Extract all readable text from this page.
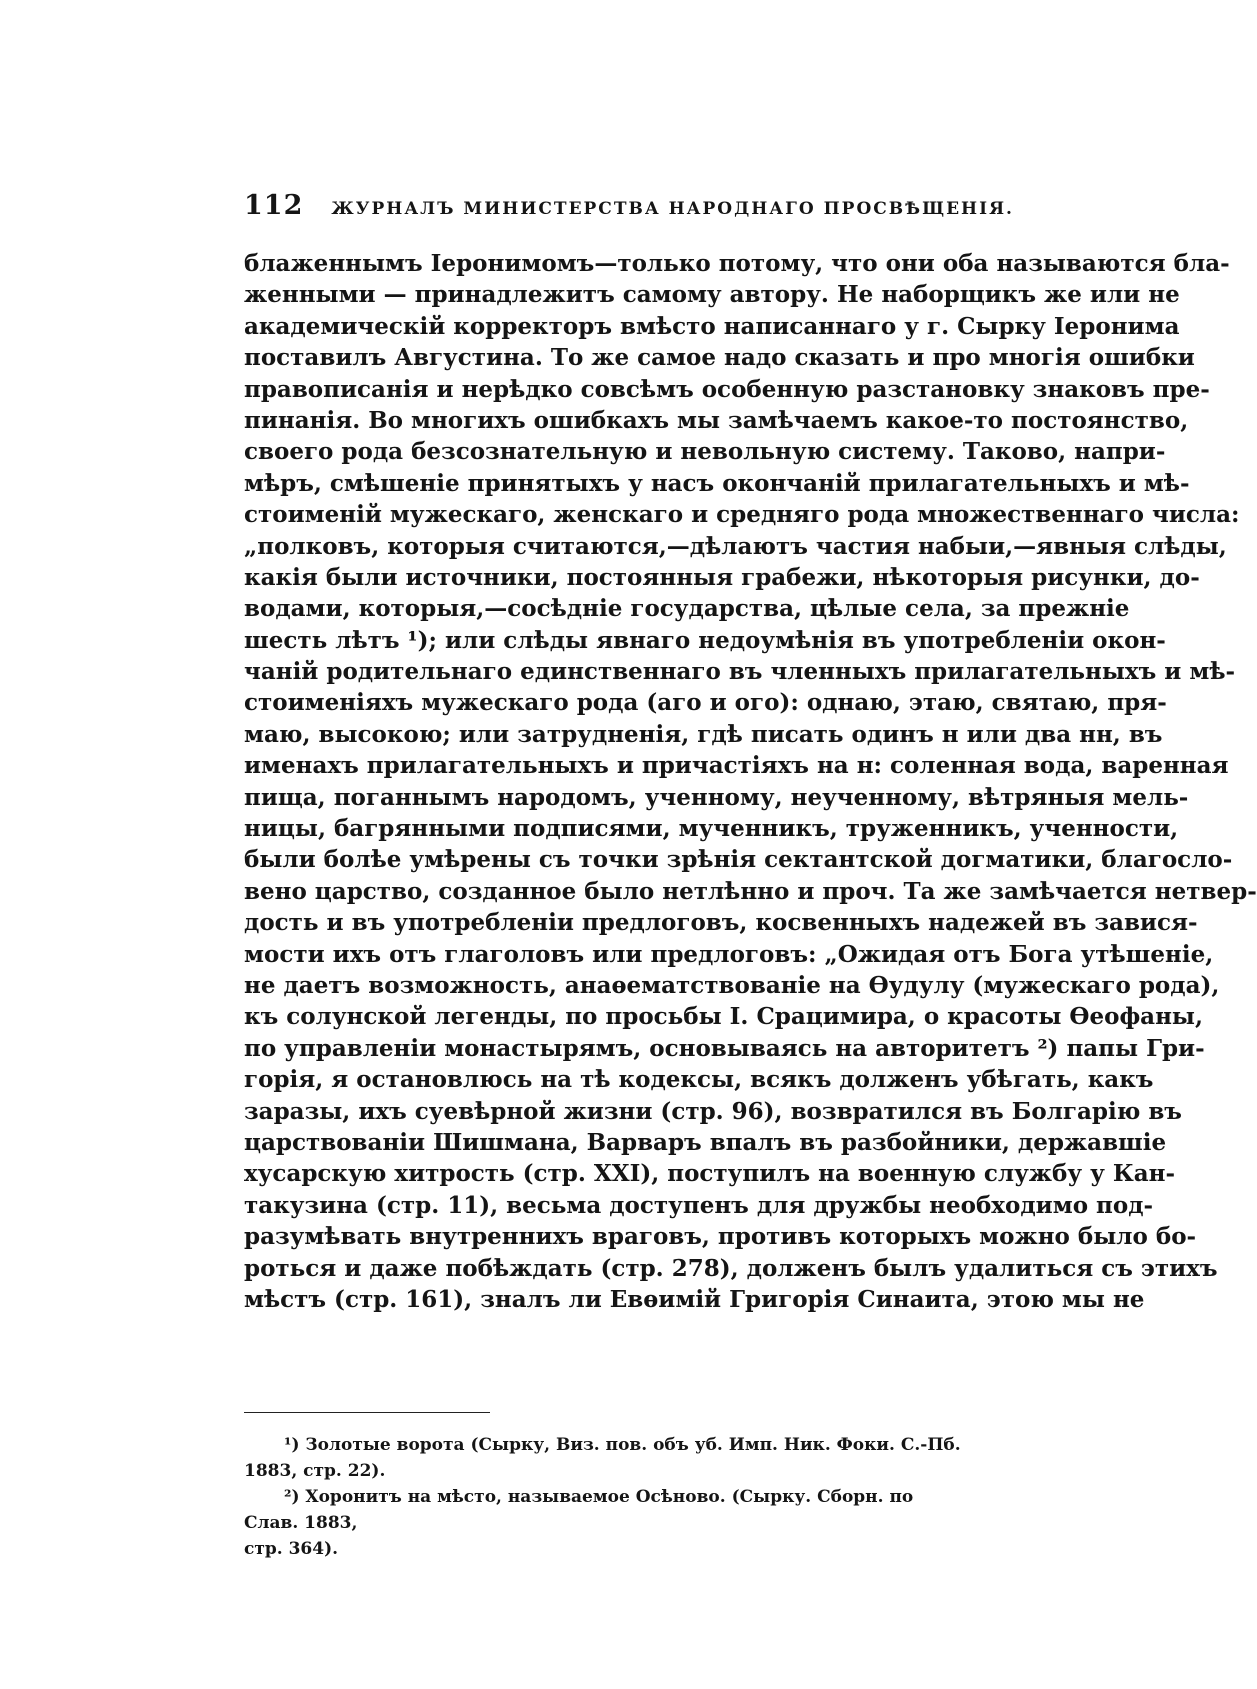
112 ЖУРНАЛЪ МИНИСТЕРСТВА НАРОДНАГО ПРОСВѢЩЕНІЯ.
блаженнымъ Іеронимомъ—только потому, что они оба называются бла-
женными — принадлежитъ самому автору. Не наборщикъ же или не
академическій корректоръ вмѣсто написаннаго у г. Сырку Іеронима
поставилъ Августина. То же самое надо сказать и про многія ошибки
правописанія и нерѣдко совсѣмъ особенную разстановку знаковъ пре-
пинанія. Во многихъ ошибкахъ мы замѣчаемъ какое-то постоянство,
своего рода безсознательную и невольную систему. Таково, напри-
мѣръ, смѣшеніе принятыхъ у насъ окончаній прилагательныхъ и мѣ-
стоименій мужескаго, женскаго и средняго рода множественнаго числа:
„полковъ, которыя считаются,—дѣлаютъ частия набыи,—явныя слѣды,
какія были источники, постоянныя грабежи, нѣкоторыя рисунки, до-
водами, которыя,—сосѣдніе государства, цѣлые села, за прежніе
шесть лѣтъ ¹); или слѣды явнаго недоумѣнія въ употребленіи окон-
чаній родительнаго единственнаго въ членныхъ прилагательныхъ и мѣ-
стоименіяхъ мужескаго рода (аго и ого): однаю, этаю, святаю, пря-
маю, высокою; или затрудненія, гдѣ писать одинъ н или два нн, въ
именахъ прилагательныхъ и причастіяхъ на н: соленная вода, варенная
пища, поганнымъ народомъ, ученному, неученному, вѣтряныя мель-
ницы, багрянными подписями, мученникъ, труженникъ, ученности,
были болѣе умѣрены съ точки зрѣнія сектантской догматики, благосло-
вено царство, созданное было нетлѣнно и проч. Та же замѣчается нетвер-
дость и въ употребленіи предлоговъ, косвенныхъ надежей въ завися-
мости ихъ отъ глаголовъ или предлоговъ: „Ожидая отъ Бога утѣшеніе,
не даетъ возможность, анаѳематствованіе на Ѳудулу (мужескаго рода),
къ солунской легенды, по просьбы І. Срацимира, о красоты Ѳеофаны,
по управленіи монастырямъ, основываясь на авторитетъ ²) папы Гри-
горія, я остановлюсь на тѣ кодексы, всякъ долженъ убѣгать, какъ
заразы, ихъ суевѣрной жизни (стр. 96), возвратился въ Болгарію въ
царствованіи Шишмана, Варваръ впалъ въ разбойники, державшіе
хусарскую хитрость (стр. XXI), поступилъ на военную службу у Кан-
такузина (стр. 11), весьма доступенъ для дружбы необходимо под-
разумѣвать внутреннихъ враговъ, противъ которыхъ можно было бо-
роться и даже побѣждать (стр. 278), долженъ былъ удалиться съ этихъ
мѣстъ (стр. 161), зналъ ли Евѳимій Григорія Синаита, этою мы не
¹) Золотые ворота (Сырку, Виз. пов. объ уб. Имп. Ник. Фоки. С.-Пб.
1883, стр. 22).
²) Хоронитъ на мѣсто, называемое Осѣново. (Сырку. Сборн. по Слав. 1883,
стр. 364).
